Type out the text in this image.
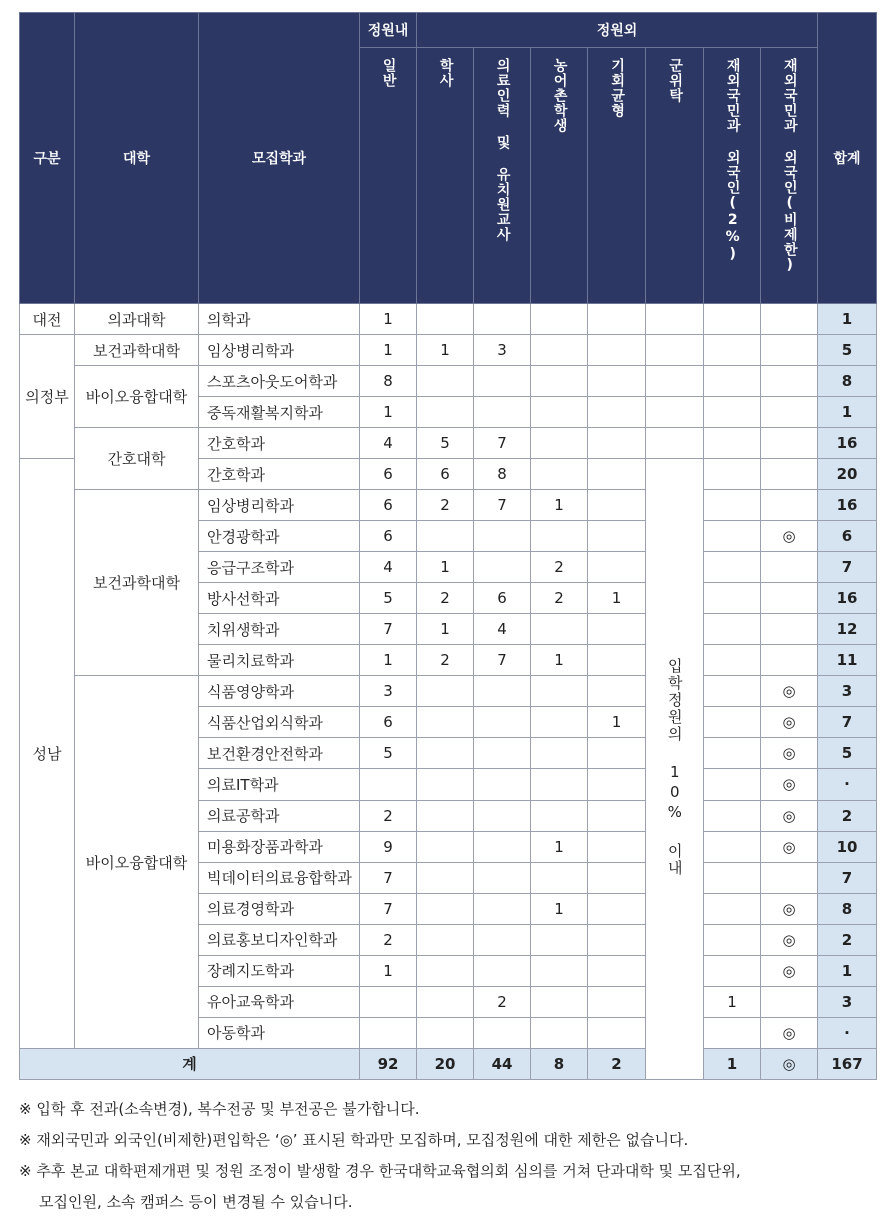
구분	대학	모집학과	정원내	정원외							합계
			일반	학사	의료인력 및 유치원교사	농어촌학생	기회균형	군위탁	재외국민과 외국인(2%)	재외국민과 외국인(비제한)	
대전	의과대학	의학과	1								1
의정부	보건과학대학	임상병리학과	1	1	3						5
	바이오융합대학	스포츠아웃도어학과	8								8
		중독재활복지학과	1								1
	간호대학	간호학과	4	5	7						16
성남		간호학과	6	6	8			입학정원의 10% 이내			20
	보건과학대학	임상병리학과	6	2	7	1					16
		안경광학과	6							◎	6
		응급구조학과	4	1		2					7
		방사선학과	5	2	6	2	1				16
		치위생학과	7	1	4						12
		물리치료학과	1	2	7	1					11
	바이오융합대학	식품영양학과	3							◎	3
		식품산업외식학과	6				1			◎	7
		보건환경안전학과	5							◎	5
		의료IT학과								◎	·
		의료공학과	2							◎	2
		미용화장품과학과	9			1				◎	10
		빅데이터의료융합학과	7								7
		의료경영학과	7			1				◎	8
		의료홍보디자인학과	2							◎	2
		장례지도학과	1							◎	1
		유아교육학과			2				1		3
		아동학과								◎	·
계			92	20	44	8	2		1	◎	167

※ 입학 후 전과(소속변경), 복수전공 및 부전공은 불가합니다.

※ 재외국민과 외국인(비제한)편입학은 ‘◎’ 표시된 학과만 모집하며, 모집정원에 대한 제한은 없습니다.

※ 추후 본교 대학편제개편 및 정원 조정이 발생할 경우 한국대학교육협의회 심의를 거쳐 단과대학 및 모집단위,

모집인원, 소속 캠퍼스 등이 변경될 수 있습니다.
